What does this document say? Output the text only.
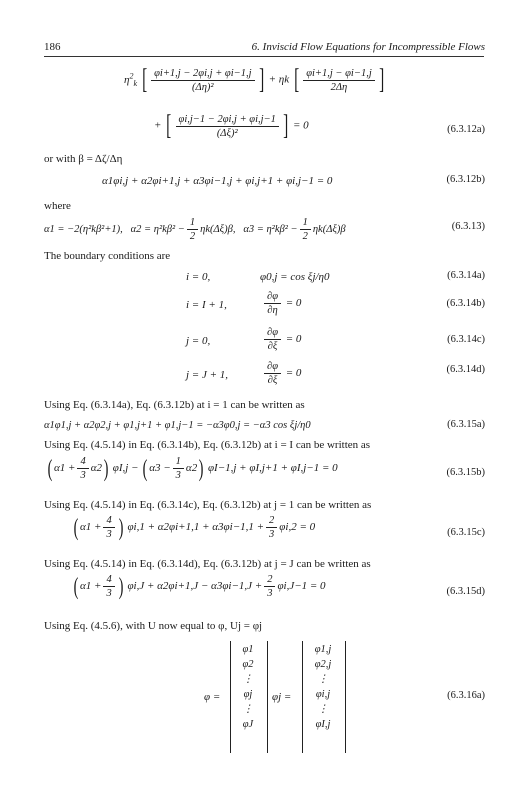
186	6. Inviscid Flow Equations for Incompressible Flows
$\eta^2_k$ [ $\frac{\varphi i+1,j - 2\varphi i,j + \varphi i-1,j}{\text{(Δη)²}}$ ] + ηk [ $\frac{\varphi i+1,j - \varphi i-1,j}{2\Delta\eta}$ ]
+ [ $\frac{\varphi i,j-1 - 2\varphi i,j + \varphi i,j-1}{\text{(Δξ)²}}$ ] = 0	(6.3.12a)
or with β = Δζ/Δη
α1φi,j + α2φi+1,j + α3φi−1,j + φi,j+1 + φi,j−1 = 0	(6.3.12b)
where
α1 = −2(η²kβ²+1), $\alpha 2 = \eta^2k\beta^2 - \frac{1}{2} \eta k(\Delta\xi)\beta$, $\alpha 3 = \eta^2k\beta^2 - \frac{1}{2} \eta k(\Delta\xi)\beta$	(6.3.13)
The boundary conditions are
i = 0,	φ0,j = cos ξj/η0	(6.3.14a)
i = I + 1,	$\frac{\partial\varphi}{\partial\eta} = 0$	(6.3.14b)
j = 0,	$\frac{\partial\varphi}{\partial\xi} = 0$	(6.3.14c)
j = J + 1,	$\frac{\partial\varphi}{\partial\xi} = 0$	(6.3.14d)
Using Eq. (6.3.14a), Eq. (6.3.12b) at i = 1 can be written as
α1φ1,j + α2φ2,j + φ1,j+1 + φ1,j−1 = −α3φ0,j = −α3 cos ξj/η0	(6.3.15a)
Using Eq. (4.5.14) in Eq. (6.3.14b), Eq. (6.3.12b) at i = I can be written as
( $\alpha 1 + \frac{4}{3} \alpha 2$) φI,j − ( $\alpha 3 - \frac{1}{3} \alpha 2$) φI−1,j + φI,j+1 + φI,j−1 = 0	(6.3.15b)
Using Eq. (4.5.14) in Eq. (6.3.14c), Eq. (6.3.12b) at j = 1 can be written as
( $\alpha 1 + \frac{4}{3}$ ) $\varphi i,1 + \alpha 2\varphi i+1,1 + \alpha 3\varphi i-1,1 + \frac{2}{3} \varphi i,2 = 0$	(6.3.15c)
Using Eq. (4.5.14) in Eq. (6.3.14d), Eq. (6.3.12b) at j = J can be written as
( $\alpha 1 + \frac{4}{3}$ ) $\varphi i,J + \alpha 2\varphi i+1,J - \alpha 3\varphi i-1,J + \frac{2}{3} \varphi i,J-1 = 0$	(6.3.15d)
Using Eq. (4.5.6), with U now equal to φ, Uj = φj
φ =
φ1
φ2
⋮
φj
⋮
φJ
φj =
φ1,j
φ2,j
⋮
φi,j
⋮
φI,j
(6.3.16a)
